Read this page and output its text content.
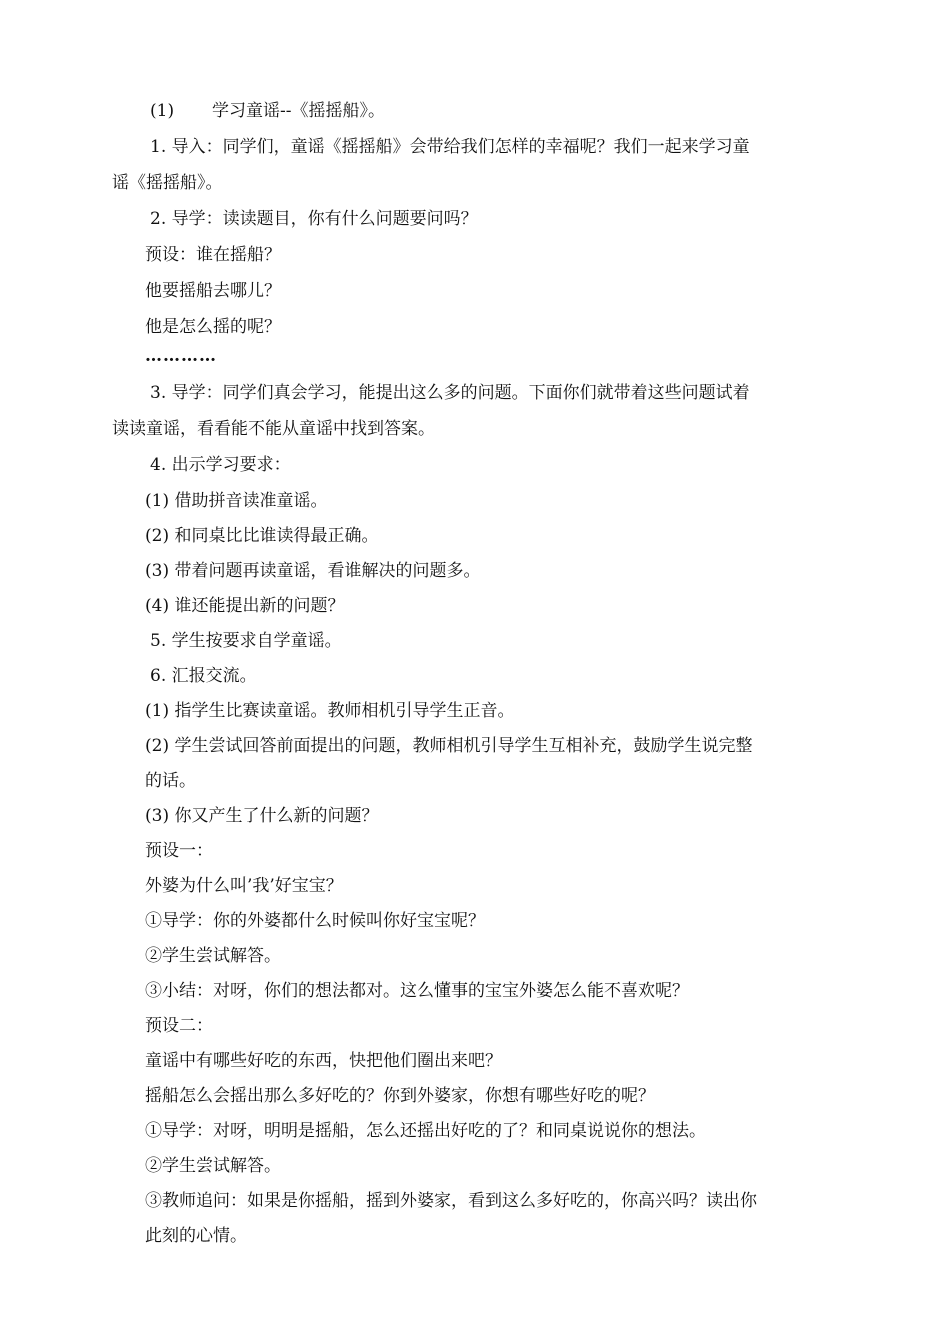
(1) 学习童谣--《摇摇船》。
1. 导入：同学们，童谣《摇摇船》会带给我们怎样的幸福呢？我们一起来学习童
谣《摇摇船》。
2. 导学：读读题目，你有什么问题要问吗？
预设：谁在摇船？
他要摇船去哪儿？
他是怎么摇的呢？
…………
3. 导学：同学们真会学习，能提出这么多的问题。下面你们就带着这些问题试着
读读童谣，看看能不能从童谣中找到答案。
4. 出示学习要求：
(1) 借助拼音读准童谣。
(2) 和同桌比比谁读得最正确。
(3) 带着问题再读童谣，看谁解决的问题多。
(4) 谁还能提出新的问题？
5. 学生按要求自学童谣。
6. 汇报交流。
(1) 指学生比赛读童谣。教师相机引导学生正音。
(2) 学生尝试回答前面提出的问题，教师相机引导学生互相补充，鼓励学生说完整
的话。
(3) 你又产生了什么新的问题？
预设一：
外婆为什么叫’我’好宝宝？
①导学：你的外婆都什么时候叫你好宝宝呢？
②学生尝试解答。
③小结：对呀，你们的想法都对。这么懂事的宝宝外婆怎么能不喜欢呢？
预设二：
童谣中有哪些好吃的东西，快把他们圈出来吧？
摇船怎么会摇出那么多好吃的？你到外婆家，你想有哪些好吃的呢？
①导学：对呀，明明是摇船，怎么还摇出好吃的了？和同桌说说你的想法。
②学生尝试解答。
③教师追问：如果是你摇船，摇到外婆家，看到这么多好吃的，你高兴吗？读出你
此刻的心情。
